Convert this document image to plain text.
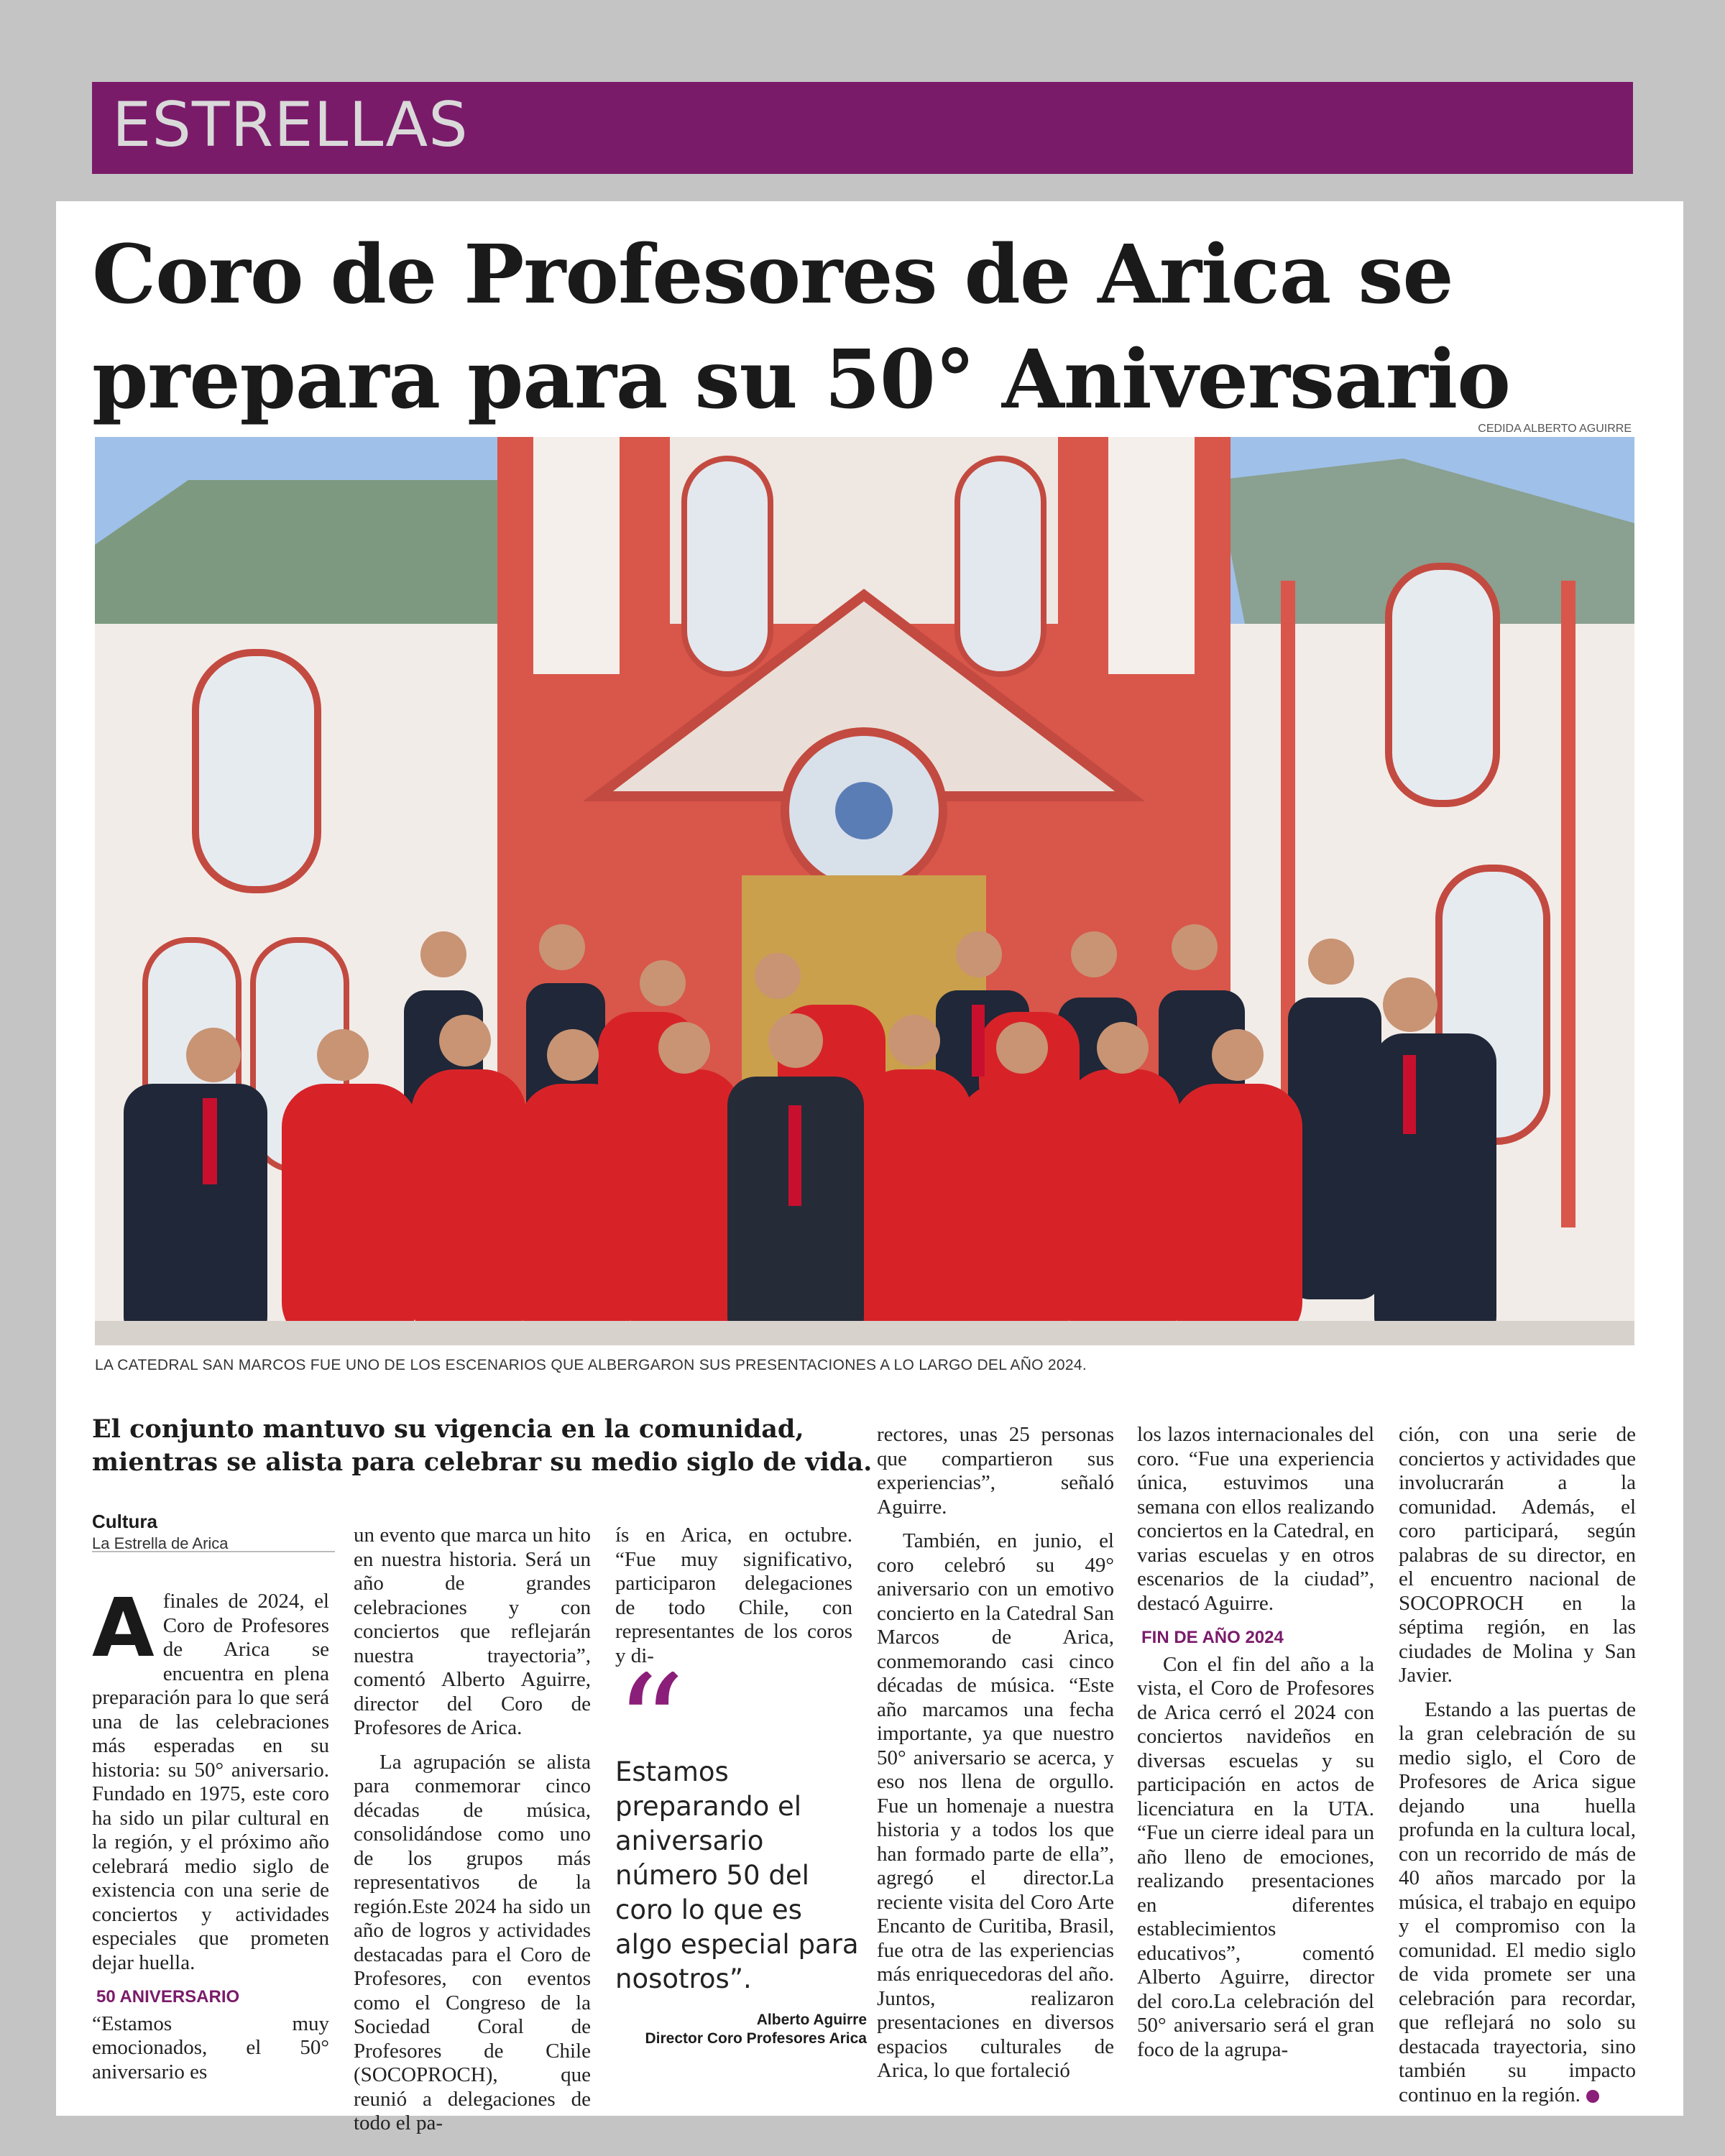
ESTRELLAS
Coro de Profesores de Arica se prepara para su 50° Aniversario
CEDIDA ALBERTO AGUIRRE
LA CATEDRAL SAN MARCOS FUE UNO DE LOS ESCENARIOS QUE ALBERGARON SUS PRESENTACIONES A LO LARGO DEL AÑO 2024.
El conjunto mantuvo su vigencia en la comunidad, mientras se alista para celebrar su medio siglo de vida.
Cultura
La Estrella de Arica

Afinales de 2024, el Coro de Profesores de Arica se encuentra en plena preparación para lo que será una de las celebraciones más esperadas en su historia: su 50° aniversario. Fundado en 1975, este coro ha sido un pilar cultural en la región, y el próximo año celebrará medio siglo de existencia con una serie de conciertos y actividades especiales que prometen dejar huella.

50 ANIVERSARIO

“Estamos muy emocionados, el 50° aniversario es

un evento que marca un hito en nuestra historia. Será un año de grandes celebraciones y con conciertos que reflejarán nuestra trayectoria”, comentó Alberto Aguirre, director del Coro de Profesores de Arica.

La agrupación se alista para conmemorar cinco décadas de música, consolidándose como uno de los grupos más representativos de la región.Este 2024 ha sido un año de logros y actividades destacadas para el Coro de Profesores, con eventos como el Congreso de la Sociedad Coral de Profesores de Chile (SOCOPROCH), que reunió a delegaciones de todo el pa-

ís en Arica, en octubre. “Fue muy significativo, participaron delegaciones de todo Chile, con representantes de los coros y di-

Estamos preparando el aniversario número 50 del coro lo que es algo especial para nosotros”.
Alberto Aguirre
Director Coro Profesores Arica

rectores, unas 25 personas que compartieron sus experiencias”, señaló Aguirre.

También, en junio, el coro celebró su 49° aniversario con un emotivo concierto en la Catedral San Marcos de Arica, conmemorando casi cinco décadas de música. “Este año marcamos una fecha importante, ya que nuestro 50° aniversario se acerca, y eso nos llena de orgullo. Fue un homenaje a nuestra historia y a todos los que han formado parte de ella”, agregó el director.La reciente visita del Coro Arte Encanto de Curitiba, Brasil, fue otra de las experiencias más enriquecedoras del año. Juntos, realizaron presentaciones en diversos espacios culturales de Arica, lo que fortaleció

los lazos internacionales del coro. “Fue una experiencia única, estuvimos una semana con ellos realizando conciertos en la Catedral, en varias escuelas y en otros escenarios de la ciudad”, destacó Aguirre.

FIN DE AÑO 2024

Con el fin del año a la vista, el Coro de Profesores de Arica cerró el 2024 con conciertos navideños en diversas escuelas y su participación en actos de licenciatura en la UTA. “Fue un cierre ideal para un año lleno de emociones, realizando presentaciones en diferentes establecimientos educativos”, comentó Alberto Aguirre, director del coro.La celebración del 50° aniversario será el gran foco de la agrupa-

ción, con una serie de conciertos y actividades que involucrarán a la comunidad. Además, el coro participará, según palabras de su director, en el encuentro nacional de SOCOPROCH en la séptima región, en las ciudades de Molina y San Javier.

Estando a las puertas de la gran celebración de su medio siglo, el Coro de Profesores de Arica sigue dejando una huella profunda en la cultura local, con un recorrido de más de 40 años marcado por la música, el trabajo en equipo y el compromiso con la comunidad. El medio siglo de vida promete ser una celebración para recordar, que reflejará no solo su destacada trayectoria, sino también su impacto continuo en la región.
